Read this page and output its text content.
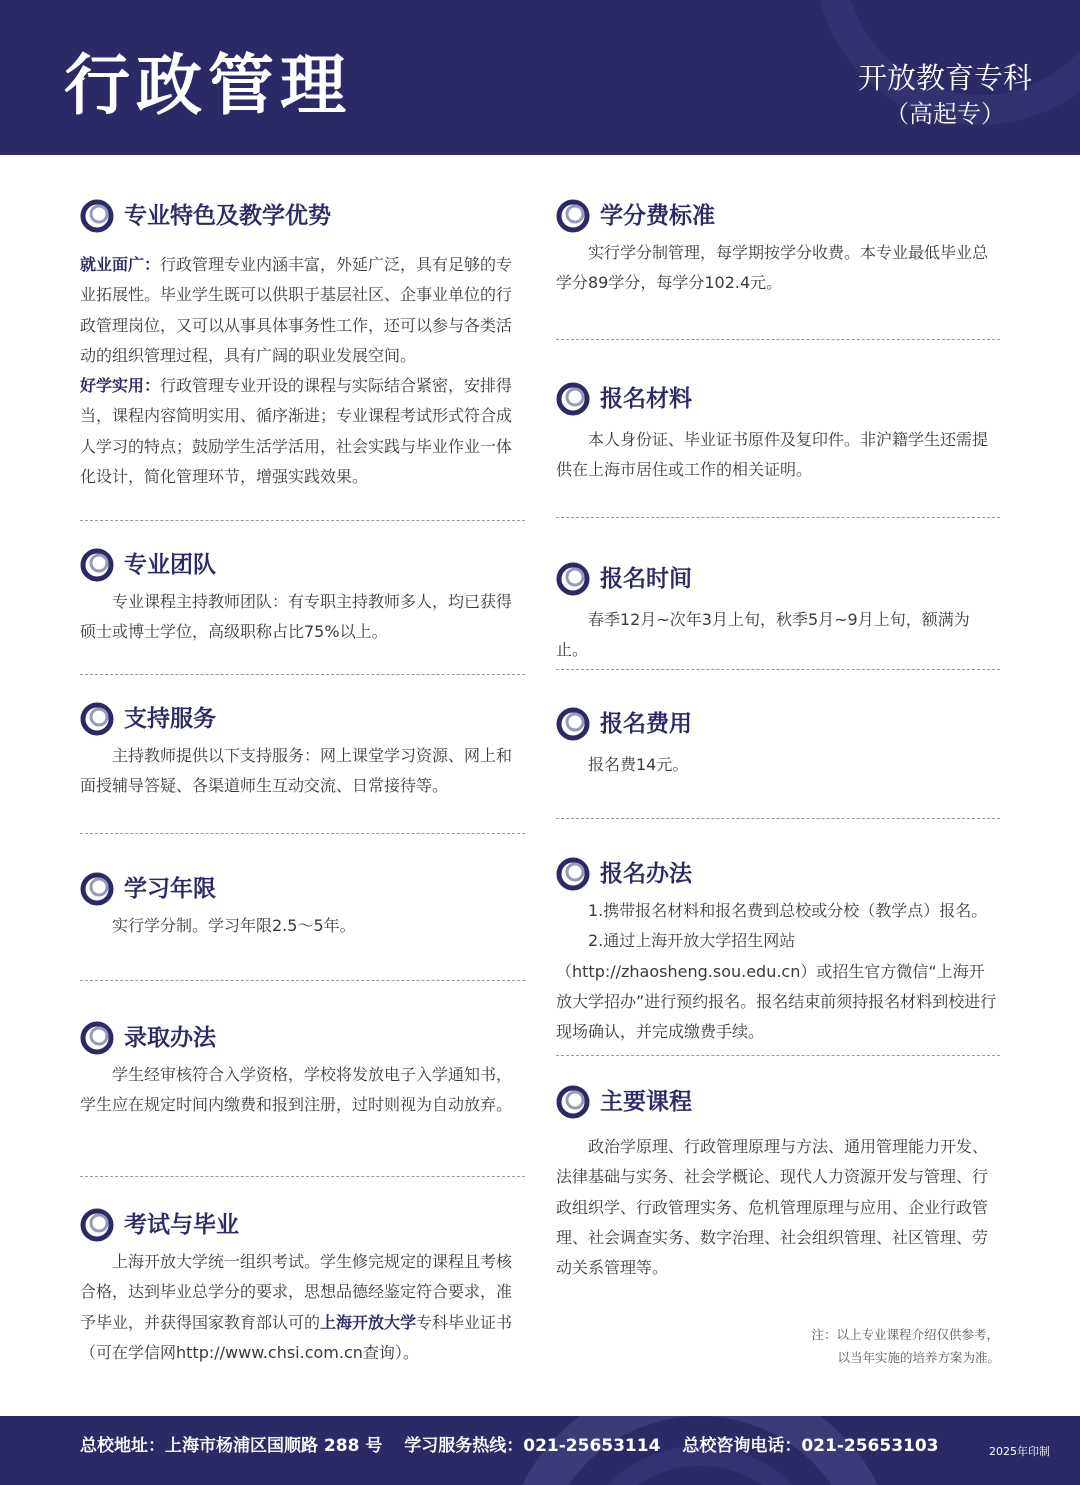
行政管理	开放教育专科
（高起专）
专业特色及教学优势

就业面广：行政管理专业内涵丰富，外延广泛，具有足够的专业拓展性。毕业学生既可以供职于基层社区、企事业单位的行政管理岗位，又可以从事具体事务性工作，还可以参与各类活动的组织管理过程，具有广阔的职业发展空间。

好学实用：行政管理专业开设的课程与实际结合紧密，安排得当，课程内容简明实用、循序渐进；专业课程考试形式符合成人学习的特点；鼓励学生活学活用，社会实践与毕业作业一体化设计，简化管理环节，增强实践效果。

专业团队

专业课程主持教师团队：有专职主持教师多人，均已获得硕士或博士学位，高级职称占比75%以上。

支持服务

主持教师提供以下支持服务：网上课堂学习资源、网上和面授辅导答疑、各渠道师生互动交流、日常接待等。

学习年限

实行学分制。学习年限2.5～5年。

录取办法

学生经审核符合入学资格，学校将发放电子入学通知书，学生应在规定时间内缴费和报到注册，过时则视为自动放弃。

考试与毕业

上海开放大学统一组织考试。学生修完规定的课程且考核合格，达到毕业总学分的要求，思想品德经鉴定符合要求，准予毕业，并获得国家教育部认可的上海开放大学专科毕业证书（可在学信网http://www.chsi.com.cn查询）。

学分费标准

实行学分制管理，每学期按学分收费。本专业最低毕业总学分89学分，每学分102.4元。

报名材料

本人身份证、毕业证书原件及复印件。非沪籍学生还需提供在上海市居住或工作的相关证明。

报名时间

春季12月~次年3月上旬，秋季5月~9月上旬，额满为止。

报名费用

报名费14元。

报名办法

1.携带报名材料和报名费到总校或分校（教学点）报名。

2.通过上海开放大学招生网站（http://zhaosheng.sou.edu.cn）或招生官方微信“上海开放大学招办”进行预约报名。报名结束前须持报名材料到校进行现场确认，并完成缴费手续。

主要课程

政治学原理、行政管理原理与方法、通用管理能力开发、法律基础与实务、社会学概论、现代人力资源开发与管理、行政组织学、行政管理实务、危机管理原理与应用、企业行政管理、社会调查实务、数字治理、社会组织管理、社区管理、劳动关系管理等。

注：以上专业课程介绍仅供参考，
以当年实施的培养方案为准。
总校地址：上海市杨浦区国顺路 288 号 学习服务热线：021-25653114 总校咨询电话：021-25653103	2025年印制
